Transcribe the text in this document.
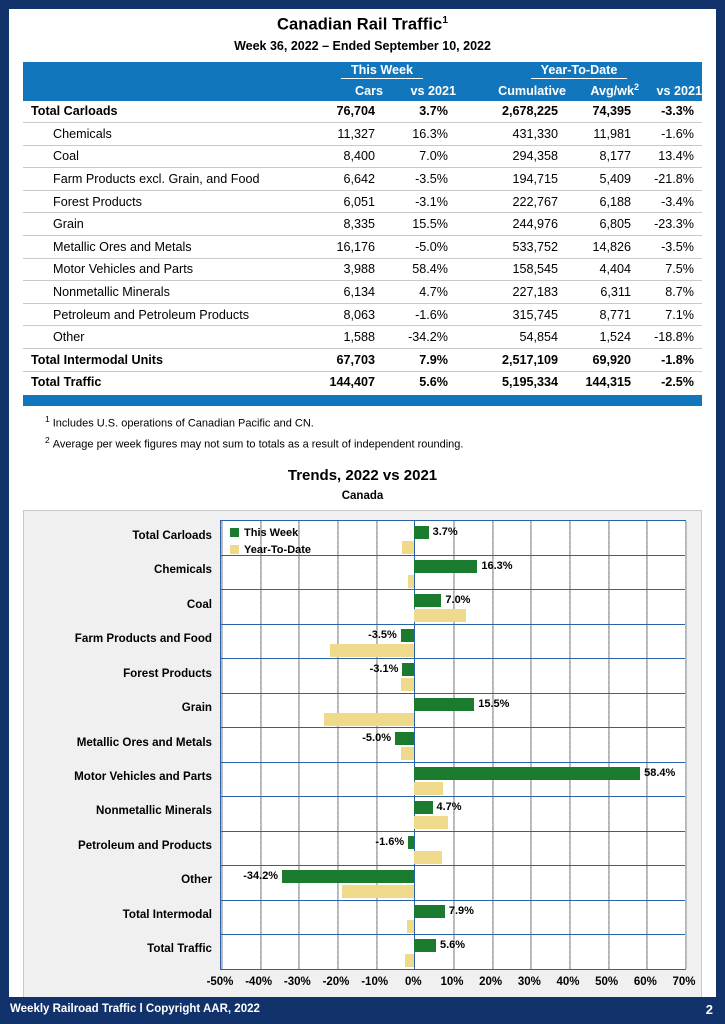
Canadian Rail Traffic$^1$
Week 36, 2022 – Ended September 10, 2022
	This Week		Year-To-Date		
	Cars	vs 2021	Cumulative	Avg/$wk^2$	vs 2021
Total Carloads	76,704	3.7%	2,678,225	74,395	-3.3%
Chemicals	11,327	16.3%	431,330	11,981	-1.6%
Coal	8,400	7.0%	294,358	8,177	13.4%
Farm Products excl. Grain, and Food	6,642	-3.5%	194,715	5,409	-21.8%
Forest Products	6,051	-3.1%	222,767	6,188	-3.4%
Grain	8,335	15.5%	244,976	6,805	-23.3%
Metallic Ores and Metals	16,176	-5.0%	533,752	14,826	-3.5%
Motor Vehicles and Parts	3,988	58.4%	158,545	4,404	7.5%
Nonmetallic Minerals	6,134	4.7%	227,183	6,311	8.7%
Petroleum and Petroleum Products	8,063	-1.6%	315,745	8,771	7.1%
Other	1,588	-34.2%	54,854	1,524	-18.8%
Total Intermodal Units	67,703	7.9%	2,517,109	69,920	-1.8%
Total Traffic	144,407	5.6%	5,195,334	144,315	-2.5%
$^1$ Includes U.S. operations of Canadian Pacific and CN.
$^2$ Average per week figures may not sum to totals as a result of independent rounding.
Trends, 2022 vs 2021
Canada
3.7%
16.3%
7.0%
-3.5%
-3.1%
15.5%
-5.0%
58.4%
4.7%
-1.6%
-34.2%
7.9%
5.6%
Total Carloads
Chemicals
Coal
Farm Products and Food
Forest Products
Grain
Metallic Ores and Metals
Motor Vehicles and Parts
Nonmetallic Minerals
Petroleum and Products
Other
Total Intermodal
Total Traffic
-50%	-40%	-30%	-20%	-10%	0%	10%	20%	30%	40%	50%	60%	70%
This Week
Year-To-Date
Weekly Railroad Traffic l Copyright AAR, 2022	2
